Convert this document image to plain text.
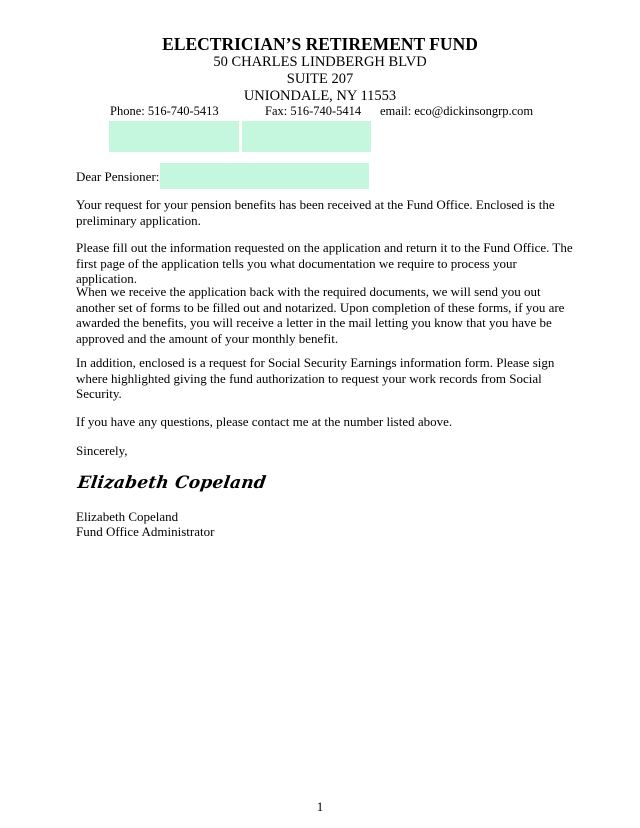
ELECTRICIAN’S RETIREMENT FUND
50 CHARLES LINDBERGH BLVD
SUITE 207
UNIONDALE, NY 11553
Phone: 516-740-5413	Fax: 516-740-5414 email: eco@dickinsongrp.com
Dear Pensioner:

Your request for your pension benefits has been received at the Fund Office. Enclosed is the preliminary application.

Please fill out the information requested on the application and return it to the Fund Office. The first page of the application tells you what documentation we require to process your application.

When we receive the application back with the required documents, we will send you out another set of forms to be filled out and notarized. Upon completion of these forms, if you are awarded the benefits, you will receive a letter in the mail letting you know that you have be approved and the amount of your monthly benefit.

In addition, enclosed is a request for Social Security Earnings information form. Please sign where highlighted giving the fund authorization to request your work records from Social Security.

If you have any questions, please contact me at the number listed above.

Sincerely,
Elizabeth Copeland
Elizabeth Copeland
Fund Office Administrator
1
